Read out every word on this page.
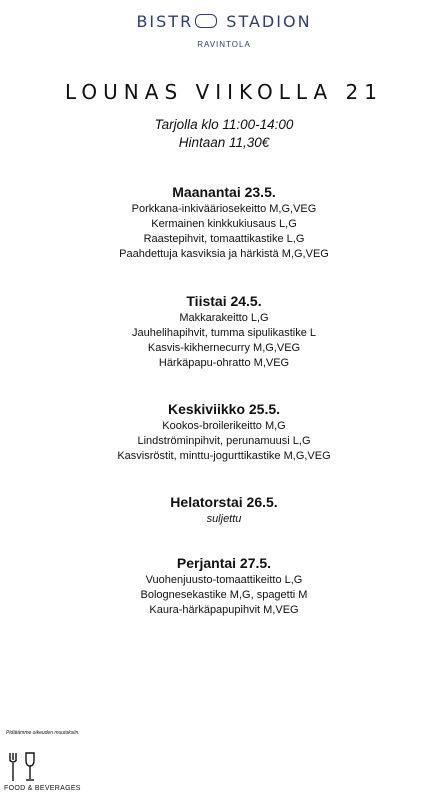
BISTR STADION
RAVINTOLA
LOUNAS VIIKOLLA 21
Tarjolla klo 11:00-14:00
Hintaan 11,30€
Maanantai 23.5.
Porkkana-inkivääriosekeitto M,G,VEG
Kermainen kinkkukiusaus L,G
Raastepihvit, tomaattikastike L,G
Paahdettuja kasviksia ja härkistä M,G,VEG
Tiistai 24.5.
Makkarakeitto L,G
Jauhelihapihvit, tumma sipulikastike L
Kasvis-kikhernecurry M,G,VEG
Härkäpapu-ohratto M,VEG
Keskiviikko 25.5.
Kookos-broilerikeitto M,G
Lindströminpihvit, perunamuusi L,G
Kasvisröstit, minttu-jogurttikastike M,G,VEG
Helatorstai 26.5.
suljettu
Perjantai 27.5.
Vuohenjuusto-tomaattikeitto L,G
Bolognesekastike M,G, spagetti M
Kaura-härkäpapupihvit M,VEG
Pidätämme oikeuden muutoksiin.
FOOD & BEVERAGES
